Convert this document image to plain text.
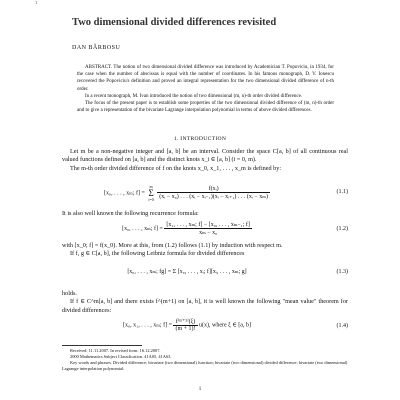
1
Two dimensional divided differences revisited
DAN BĂRBOSU

ABSTRACT. The notion of two dimensional divided difference was introduced by Academician T. Popoviciu, in 1934, for the case when the number of abscissas is equal with the number of coordinates. In his famous monograph, D. V. Ionescu recovered the Popoviciu's definition and proved an integral representation for the two dimensional divided difference of n-th order.

In a recent monograph, M. Ivan introduced the notion of two dimensional (m, n)-th order divided difference.

The focus of the present paper is to establish some properties of the two dimensional divided difference of (m, n)-th order and to give a representation of the bivariate Lagrange interpolation polynomial in terms of above divided differences.

1. INTRODUCTION

Let m be a non-negative integer and [a, b] be an interval. Consider the space C[a, b] of all continuous real valued functions defined on [a, b] and the distinct knots x_i ∈ [a, b] (i = 0, m).

The m-th order divided difference of f on the knots x_0, x_1, . . . , x_m is defined by:

[x₀, . . . , xₘ; f] =
m
Σ
i=0
$\frac{\text{f(xᵢ)}}{\text{(xᵢ − x₀) . . . (xᵢ − xᵢ₋₁)(xᵢ − xᵢ₊₁) . . . (xᵢ − xₘ)}}$	(1.1)

It is also well known the following recurrence formula:

[x₀, . . . , xₘ; $f] = \frac{\text{[x₁, . . . , xₘ; f] − [x₀, . . . , xₘ₋₁; f]}}{\text{xₘ − x₀}}$	(1.2)

with [x_0; f] = f(x_0). More at this, from (1.2) follows (1.1) by induction with respect m.

If f, g ∈ C[a, b], the following Leibniz formula for divided differences

[x₀, . . . , xₘ; fg] = Σ [x₀, . . . , xᵢ; f][xᵢ, . . . , xₘ; g]	(1.3)

holds.

If f ∈ C^m[a, b] and there exists f^(m+1) on [a, b], it is well known the following "mean value" theorem for divided differences:

[x₀, x₁, . . . , xₘ; $f] = \frac{\text{f⁽ᵐ⁺¹⁾(ξ)}}{(m + 1)!} u(x)$, where ξ ∈ [a, b]	(1.4)
Received: 11.11.2007. In revised form: 16.12.2007.
2000 Mathematics Subject Classification. 41A05, 41A63.
Key words and phrases. Divided difference; bivariate (two dimensional) function; bivariate (two dimensional) divided difference; bivariate (two dimensional) Lagrange interpolation polynomial.
1
